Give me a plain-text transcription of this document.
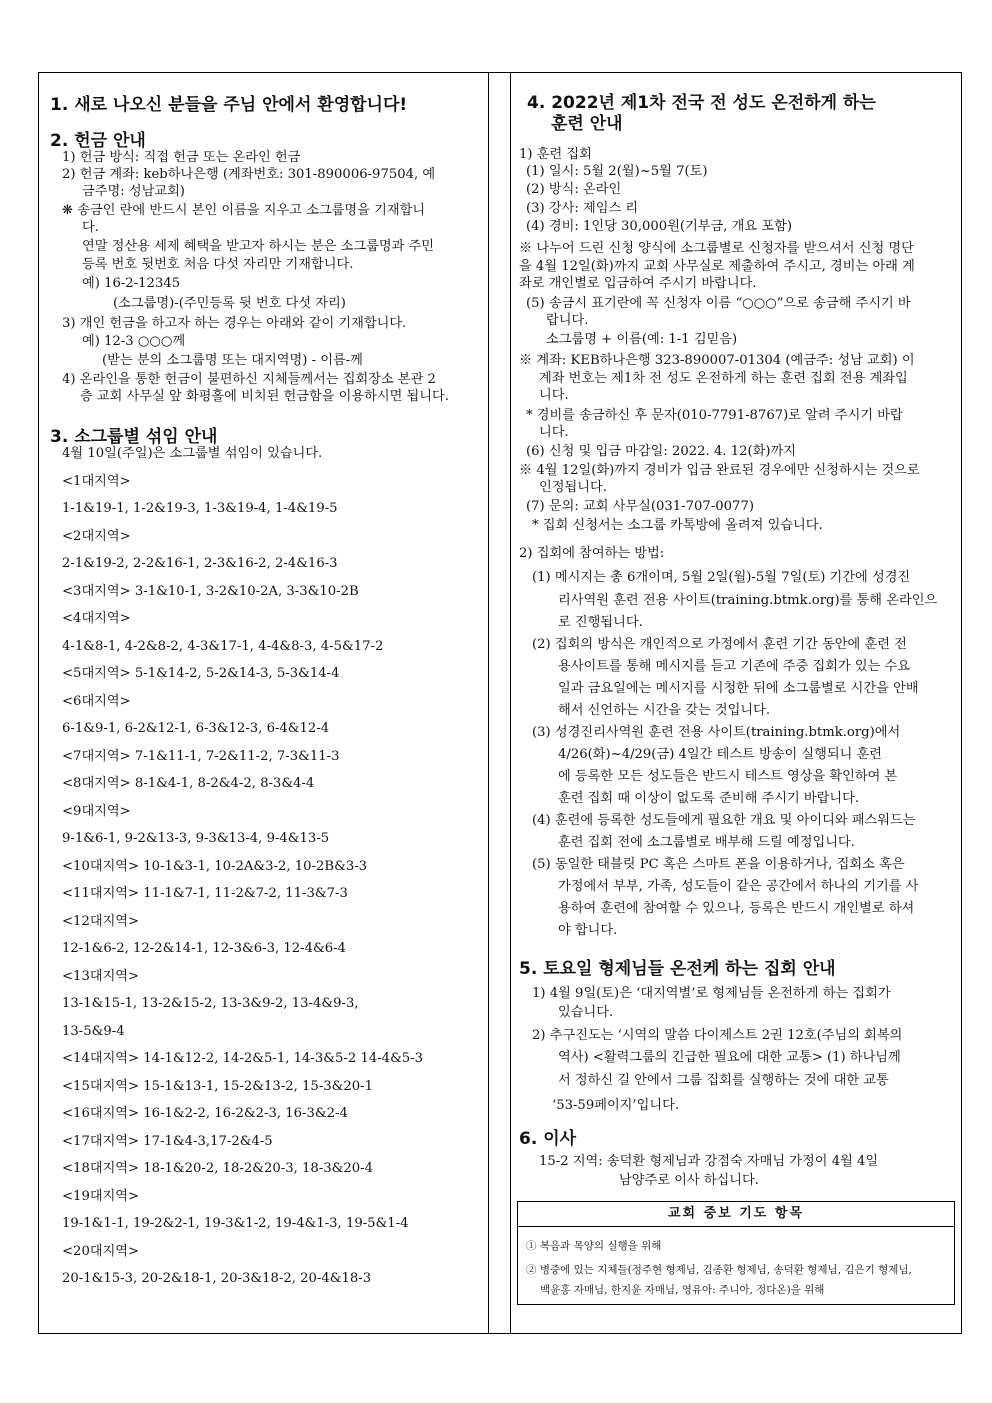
1. 새로 나오신 분들을 주님 안에서 환영합니다!
2. 헌금 안내
1) 헌금 방식: 직접 헌금 또는 온라인 헌금
2) 헌금 계좌: keb하나은행 (계좌번호: 301-890006-97504, 예
금주명: 성남교회)
❋ 송금인 란에 반드시 본인 이름을 지우고 소그룹명을 기재합니
다.
연말 정산용 세제 혜택을 받고자 하시는 분은 소그룹명과 주민
등록 번호 뒷번호 처음 다섯 자리만 기재합니다.
예) 16-2-12345
(소그룹명)-(주민등록 뒷 번호 다섯 자리)
3) 개인 헌금을 하고자 하는 경우는 아래와 같이 기재합니다.
예) 12-3 ○○○께
(받는 분의 소그룹명 또는 대지역명) - 이름-께
4) 온라인을 통한 헌금이 불편하신 지체들께서는 집회장소 본관 2
층 교회 사무실 앞 화평홀에 비치된 헌금함을 이용하시면 됩니다.
3. 소그룹별 섞임 안내
4월 10일(주일)은 소그룹별 섞임이 있습니다.
<1대지역>
1-1&19-1, 1-2&19-3, 1-3&19-4, 1-4&19-5
<2대지역>
2-1&19-2, 2-2&16-1, 2-3&16-2, 2-4&16-3
<3대지역> 3-1&10-1, 3-2&10-2A, 3-3&10-2B
<4대지역>
4-1&8-1, 4-2&8-2, 4-3&17-1, 4-4&8-3, 4-5&17-2
<5대지역> 5-1&14-2, 5-2&14-3, 5-3&14-4
<6대지역>
6-1&9-1, 6-2&12-1, 6-3&12-3, 6-4&12-4
<7대지역> 7-1&11-1, 7-2&11-2, 7-3&11-3
<8대지역> 8-1&4-1, 8-2&4-2, 8-3&4-4
<9대지역>
9-1&6-1, 9-2&13-3, 9-3&13-4, 9-4&13-5
<10대지역> 10-1&3-1, 10-2A&3-2, 10-2B&3-3
<11대지역> 11-1&7-1, 11-2&7-2, 11-3&7-3
<12대지역>
12-1&6-2, 12-2&14-1, 12-3&6-3, 12-4&6-4
<13대지역>
13-1&15-1, 13-2&15-2, 13-3&9-2, 13-4&9-3,
13-5&9-4
<14대지역> 14-1&12-2, 14-2&5-1, 14-3&5-2 14-4&5-3
<15대지역> 15-1&13-1, 15-2&13-2, 15-3&20-1
<16대지역> 16-1&2-2, 16-2&2-3, 16-3&2-4
<17대지역> 17-1&4-3,17-2&4-5
<18대지역> 18-1&20-2, 18-2&20-3, 18-3&20-4
<19대지역>
19-1&1-1, 19-2&2-1, 19-3&1-2, 19-4&1-3, 19-5&1-4
<20대지역>
20-1&15-3, 20-2&18-1, 20-3&18-2, 20-4&18-3
4. 2022년 제1차 전국 전 성도 온전하게 하는
훈련 안내
1) 훈련 집회
(1) 일시: 5월 2(월)~5월 7(토)
(2) 방식: 온라인
(3) 강사: 제임스 리
(4) 경비: 1인당 30,000원(기부금, 개요 포함)
※ 나누어 드린 신청 양식에 소그룹별로 신청자를 받으셔서 신청 명단
을 4월 12일(화)까지 교회 사무실로 제출하여 주시고, 경비는 아래 계
좌로 개인별로 입금하여 주시기 바랍니다.
(5) 송금시 표기란에 꼭 신청자 이름 “○○○”으로 송금해 주시기 바
랍니다.
소그룹명 + 이름(예: 1-1 김믿음)
※ 계좌: KEB하나은행 323-890007-01304 (예금주: 성남 교회) 이
계좌 번호는 제1차 전 성도 온전하게 하는 훈련 집회 전용 계좌입
니다.
* 경비를 송금하신 후 문자(010-7791-8767)로 알려 주시기 바랍
니다.
(6) 신청 및 입금 마감일: 2022. 4. 12(화)까지
※ 4월 12일(화)까지 경비가 입금 완료된 경우에만 신청하시는 것으로
인정됩니다.
(7) 문의: 교회 사무실(031-707-0077)
* 집회 신청서는 소그룹 카톡방에 올려져 있습니다.
2) 집회에 참여하는 방법:
(1) 메시지는 총 6개이며, 5월 2일(월)-5월 7일(토) 기간에 성경진
리사역원 훈련 전용 사이트(training.btmk.org)를 통해 온라인으
로 진행됩니다.
(2) 집회의 방식은 개인적으로 가정에서 훈련 기간 동안에 훈련 전
용사이트를 통해 메시지를 듣고 기존에 주중 집회가 있는 수요
일과 금요일에는 메시지를 시청한 뒤에 소그룹별로 시간을 안배
해서 신언하는 시간을 갖는 것입니다.
(3) 성경진리사역원 훈련 전용 사이트(training.btmk.org)에서
4/26(화)~4/29(금) 4일간 테스트 방송이 실행되니 훈련
에 등록한 모든 성도들은 반드시 테스트 영상을 확인하여 본
훈련 집회 때 이상이 없도록 준비해 주시기 바랍니다.
(4) 훈련에 등록한 성도들에게 필요한 개요 및 아이디와 패스워드는
훈련 집회 전에 소그룹별로 배부해 드릴 예정입니다.
(5) 동일한 태블릿 PC 혹은 스마트 폰을 이용하거나, 집회소 혹은
가정에서 부부, 가족, 성도들이 같은 공간에서 하나의 기기를 사
용하여 훈련에 참여할 수 있으나, 등록은 반드시 개인별로 하셔
야 합니다.
5. 토요일 형제님들 온전케 하는 집회 안내
1) 4월 9일(토)은 ‘대지역별’로 형제님들 온전하게 하는 집회가
있습니다.
2) 추구진도는 ‘시역의 말씀 다이제스트 2권 12호(주님의 회복의
역사) <활력그룹의 긴급한 필요에 대한 교통> (1) 하나님께
서 정하신 길 안에서 그룹 집회를 실행하는 것에 대한 교통
‘53-59페이지’입니다.
6. 이사
15-2 지역: 송덕환 형제님과 강점숙 자매님 가정이 4월 4일
남양주로 이사 하십니다.
교회 중보 기도 항목
① 복음과 목양의 실행을 위해
② 병중에 있는 지체들(정주현 형제님, 김종환 형제님, 송덕환 형제님, 김은기 형제님,
백윤홍 자매님, 한지윤 자매님, 영유아: 주니아, 정다온)을 위해
